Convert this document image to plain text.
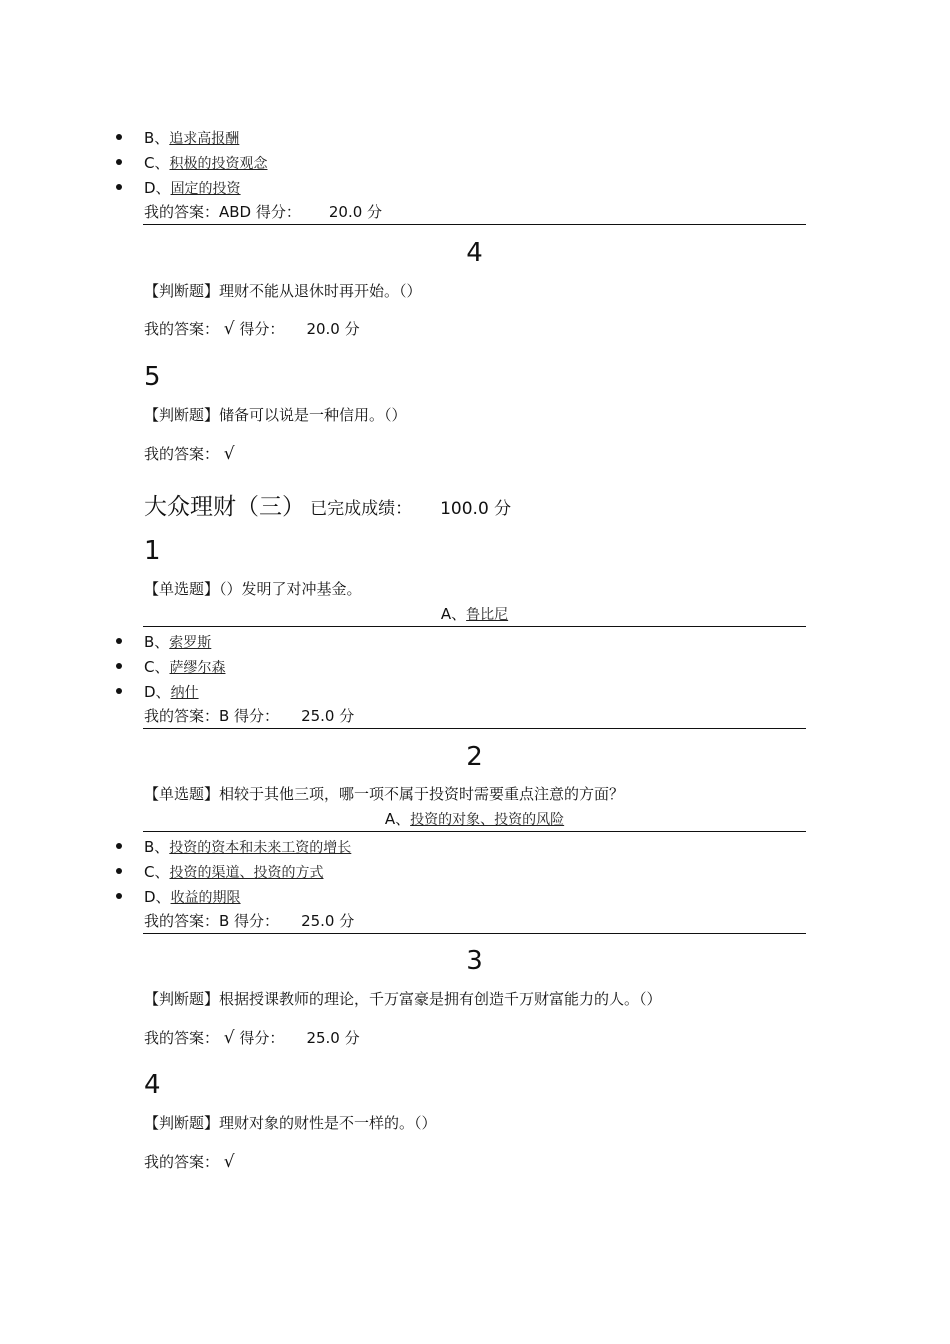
B、追求高报酬
C、积极的投资观念
D、固定的投资
我的答案：ABD 得分： 20.0 分
4
【判断题】理财不能从退休时再开始。（）
我的答案： √ 得分： 20.0 分
5
【判断题】储备可以说是一种信用。（）
我的答案： √
大众理财（三） 已完成成绩： 100.0 分
1
【单选题】（）发明了对冲基金。
A、鲁比尼
B、索罗斯
C、萨缪尔森
D、纳什
我的答案：B 得分： 25.0 分
2
【单选题】相较于其他三项，哪一项不属于投资时需要重点注意的方面？
A、投资的对象、投资的风险
B、投资的资本和未来工资的增长
C、投资的渠道、投资的方式
D、收益的期限
我的答案：B 得分： 25.0 分
3
【判断题】根据授课教师的理论，千万富豪是拥有创造千万财富能力的人。（）
我的答案： √ 得分： 25.0 分
4
【判断题】理财对象的财性是不一样的。（）
我的答案： √
